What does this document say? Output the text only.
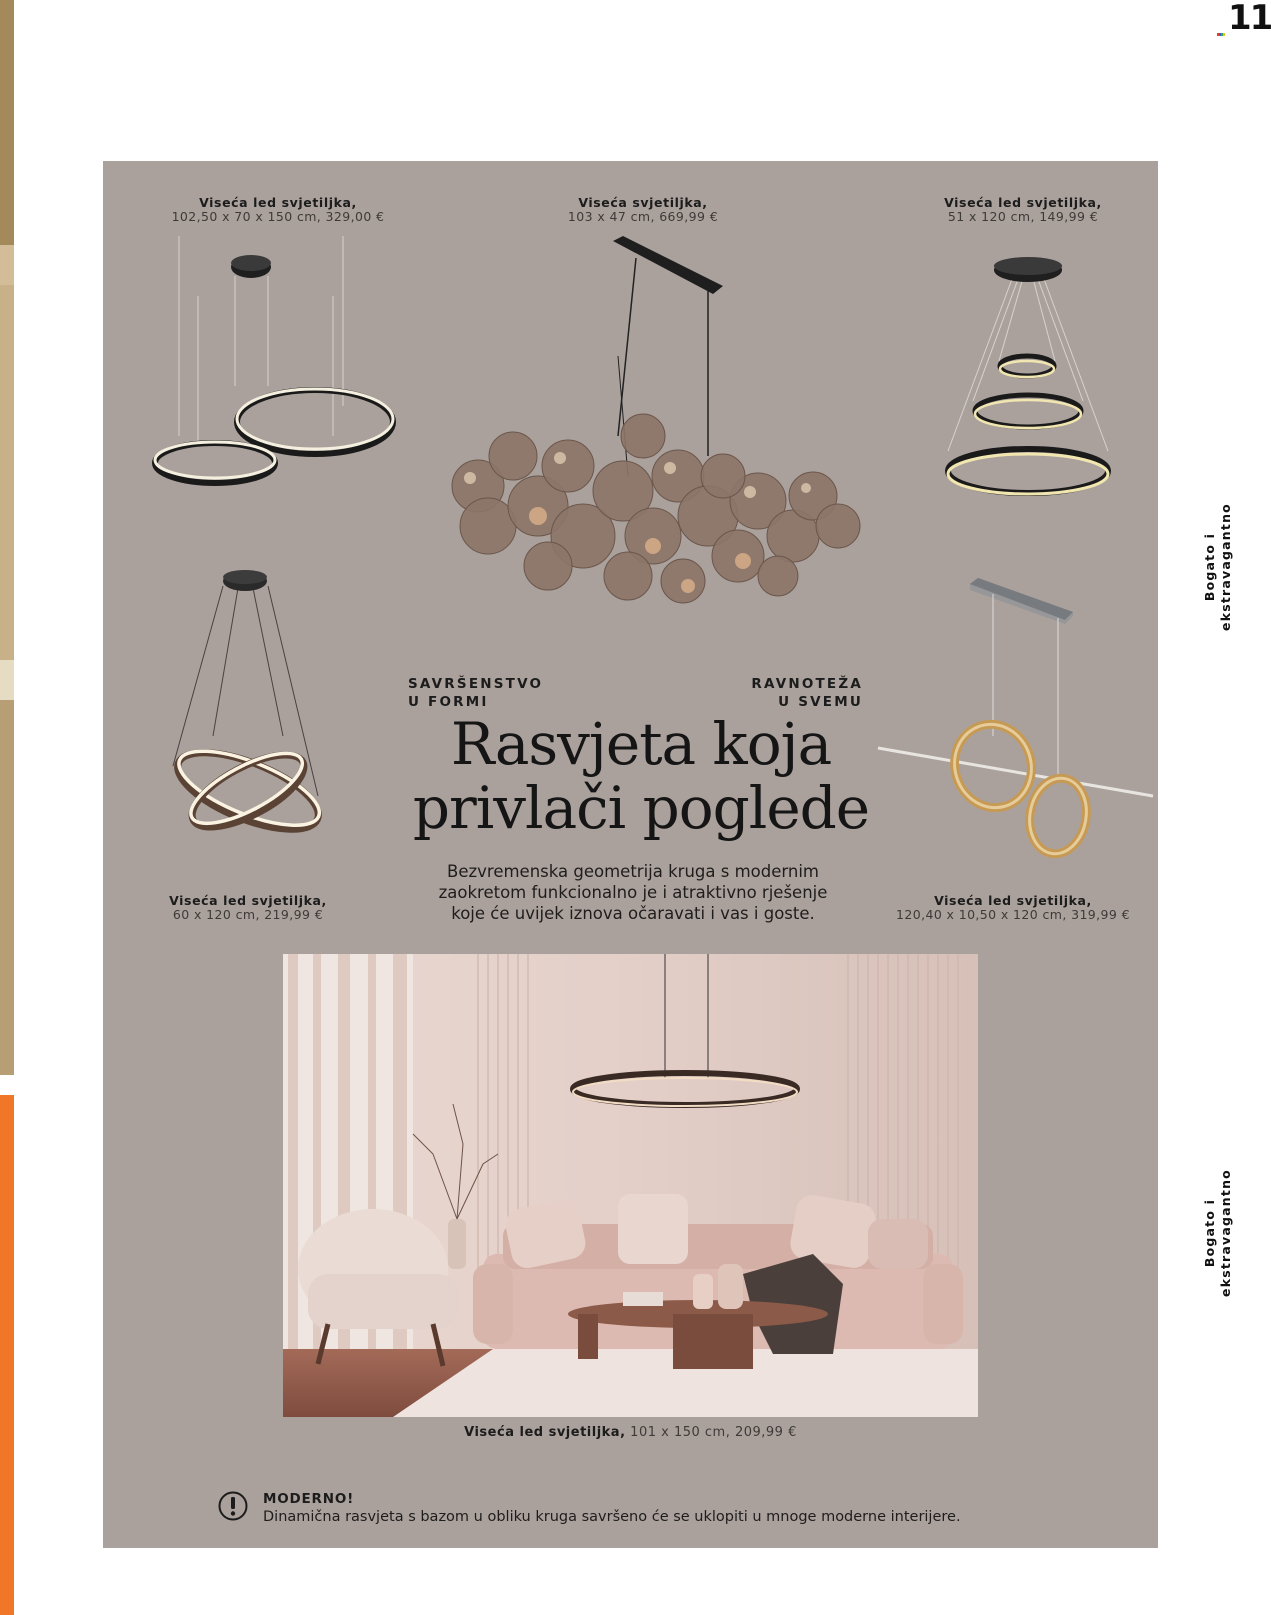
11
Bogato i ekstravagantno
Bogato i ekstravagantno
Viseća led svjetiljka,
102,50 x 70 x 150 cm, 329,00 €
Viseća svjetiljka,
103 x 47 cm, 669,99 €
Viseća led svjetiljka,
51 x 120 cm, 149,99 €
Viseća led svjetiljka,
60 x 120 cm, 219,99 €
Viseća led svjetiljka,
120,40 x 10,50 x 120 cm, 319,99 €
SAVRŠENSTVO
U FORMI
RAVNOTEŽA
U SVEMU
Rasvjeta koja
privlači poglede
Bezvremenska geometrija kruga s modernim
zaokretom funkcionalno je i atraktivno rješenje
koje će uvijek iznova očaravati i vas i goste.
Viseća led svjetiljka, 101 x 150 cm, 209,99 €
MODERNO!
Dinamična rasvjeta s bazom u obliku kruga savršeno će se uklopiti u mnoge moderne interijere.
